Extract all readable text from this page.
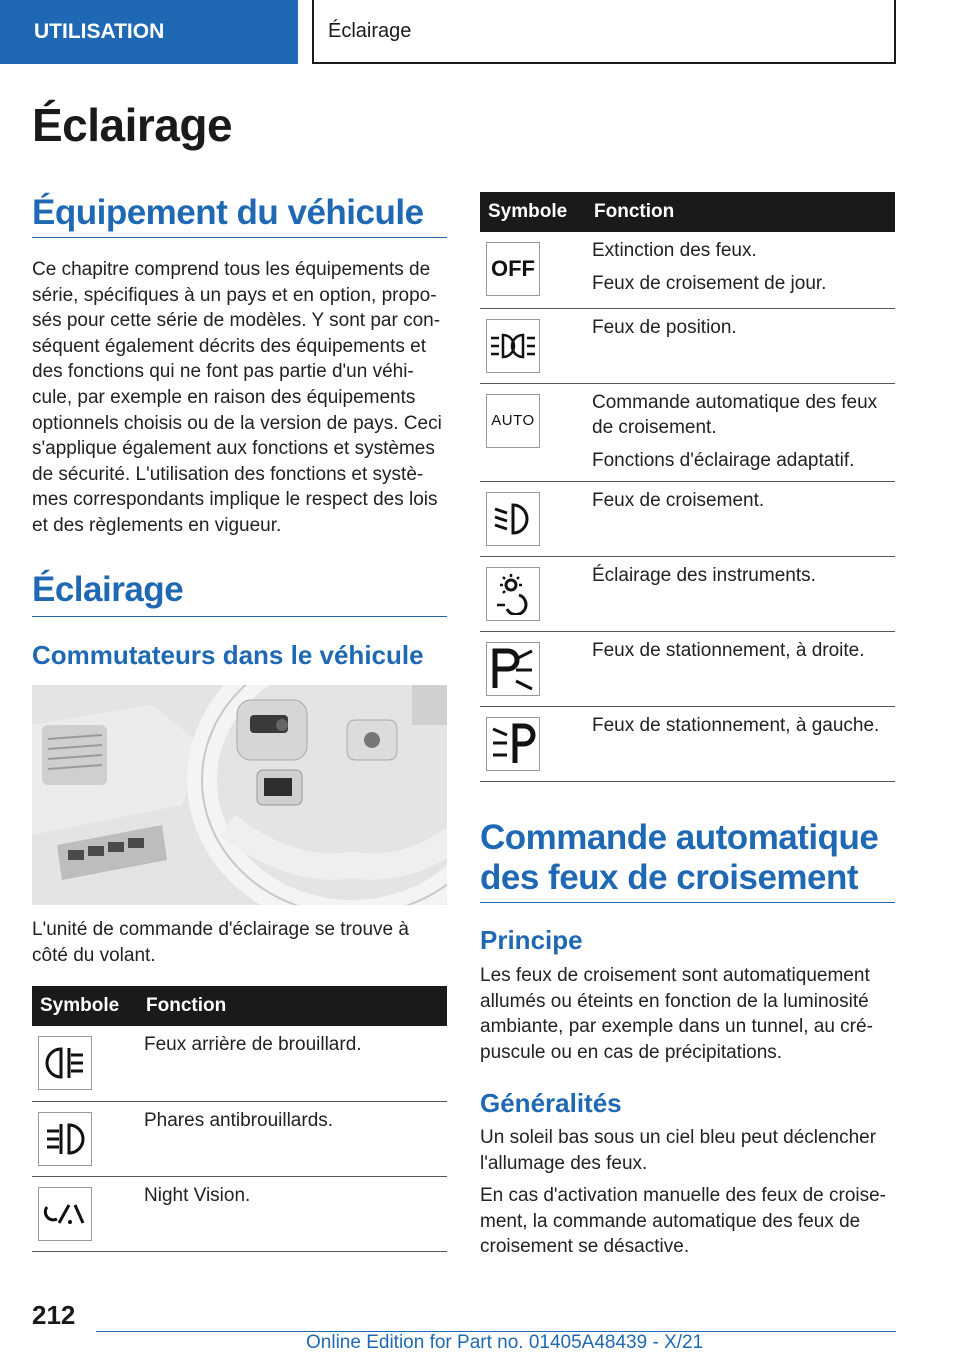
UTILISATION	Éclairage
Éclairage
Équipement du véhicule

Ce chapitre comprend tous les équipements de série, spécifiques à un pays et en option, propo-sés pour cette série de modèles. Y sont par con-séquent également décrits des équipements et des fonctions qui ne font pas partie d'un véhi-cule, par exemple en raison des équipements optionnels choisis ou de la version de pays. Ceci s'applique également aux fonctions et systèmes de sécurité. L'utilisation des fonctions et systè-mes correspondants implique le respect des lois et des règlements en vigueur.

Éclairage
Commutateurs dans le véhicule

L'unité de commande d'éclairage se trouve à côté du volant.

Symbole	Fonction

Feux arrière de brouillard.

Phares antibrouillards.

Night Vision.

Symbole	Fonction

OFF	Extinction des feux.

Feux de croisement de jour.

Feux de position.

AUTO	Commande automatique des feux de croisement.

Fonctions d'éclairage adaptatif.

Feux de croisement.

Éclairage des instruments.

Feux de stationnement, à droite.

Feux de stationnement, à gauche.

Commande automatique des feux de croisement
Principe

Les feux de croisement sont automatiquement allumés ou éteints en fonction de la luminosité ambiante, par exemple dans un tunnel, au cré-puscule ou en cas de précipitations.

Généralités

Un soleil bas sous un ciel bleu peut déclencher l'allumage des feux.

En cas d'activation manuelle des feux de croise-ment, la commande automatique des feux de croisement se désactive.

212
Online Edition for Part no. 01405A48439 - X/21
